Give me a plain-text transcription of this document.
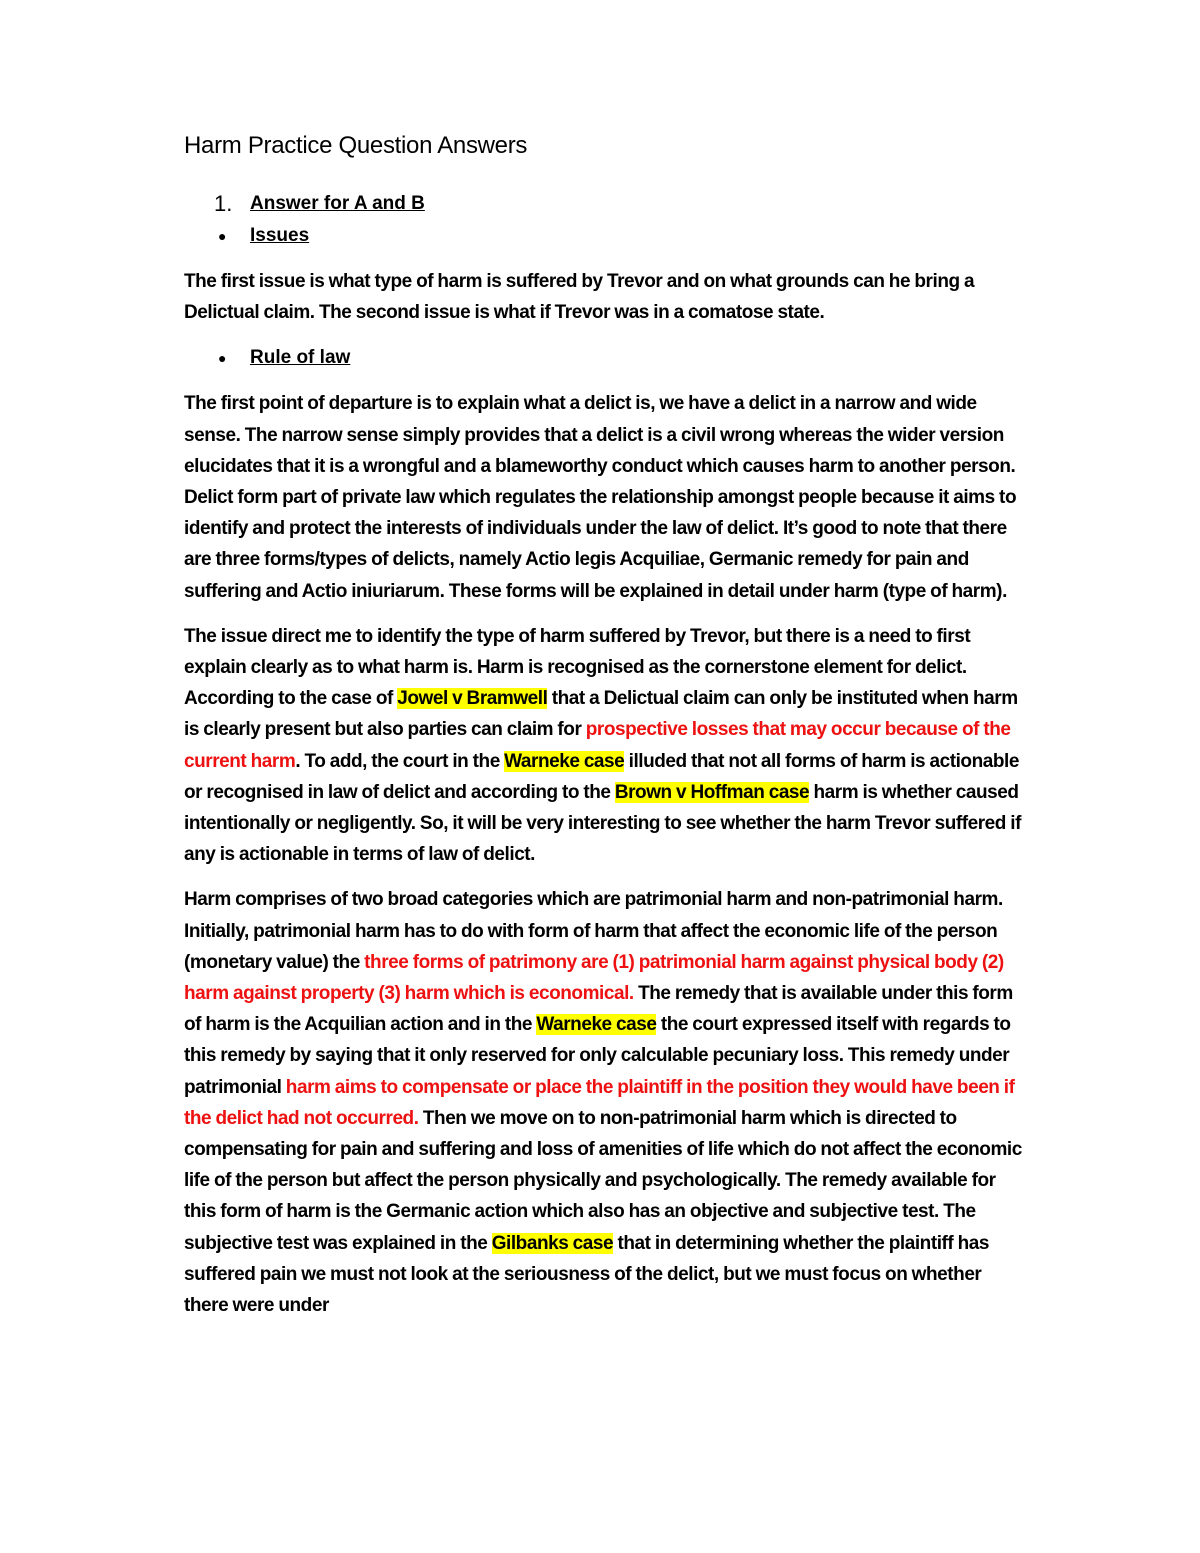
Harm Practice Question Answers
1. Answer for A and B
●	Issues

The first issue is what type of harm is suffered by Trevor and on what grounds can he bring a Delictual claim. The second issue is what if Trevor was in a comatose state.

●	Rule of law

The first point of departure is to explain what a delict is, we have a delict in a narrow and wide sense. The narrow sense simply provides that a delict is a civil wrong whereas the wider version elucidates that it is a wrongful and a blameworthy conduct which causes harm to another person. Delict form part of private law which regulates the relationship amongst people because it aims to identify and protect the interests of individuals under the law of delict. It’s good to note that there are three forms/types of delicts, namely Actio legis Acquiliae, Germanic remedy for pain and suffering and Actio iniuriarum. These forms will be explained in detail under harm (type of harm).

The issue direct me to identify the type of harm suffered by Trevor, but there is a need to first explain clearly as to what harm is. Harm is recognised as the cornerstone element for delict. According to the case of Jowel v Bramwell that a Delictual claim can only be instituted when harm is clearly present but also parties can claim for prospective losses that may occur because of the current harm. To add, the court in the Warneke case illuded that not all forms of harm is actionable or recognised in law of delict and according to the Brown v Hoffman case harm is whether caused intentionally or negligently. So, it will be very interesting to see whether the harm Trevor suffered if any is actionable in terms of law of delict.

Harm comprises of two broad categories which are patrimonial harm and non-patrimonial harm. Initially, patrimonial harm has to do with form of harm that affect the economic life of the person (monetary value) the three forms of patrimony are (1) patrimonial harm against physical body (2) harm against property (3) harm which is economical. The remedy that is available under this form of harm is the Acquilian action and in the Warneke case the court expressed itself with regards to this remedy by saying that it only reserved for only calculable pecuniary loss. This remedy under patrimonial harm aims to compensate or place the plaintiff in the position they would have been if the delict had not occurred. Then we move on to non-patrimonial harm which is directed to compensating for pain and suffering and loss of amenities of life which do not affect the economic life of the person but affect the person physically and psychologically. The remedy available for this form of harm is the Germanic action which also has an objective and subjective test. The subjective test was explained in the Gilbanks case that in determining whether the plaintiff has suffered pain we must not look at the seriousness of the delict, but we must focus on whether there were under
